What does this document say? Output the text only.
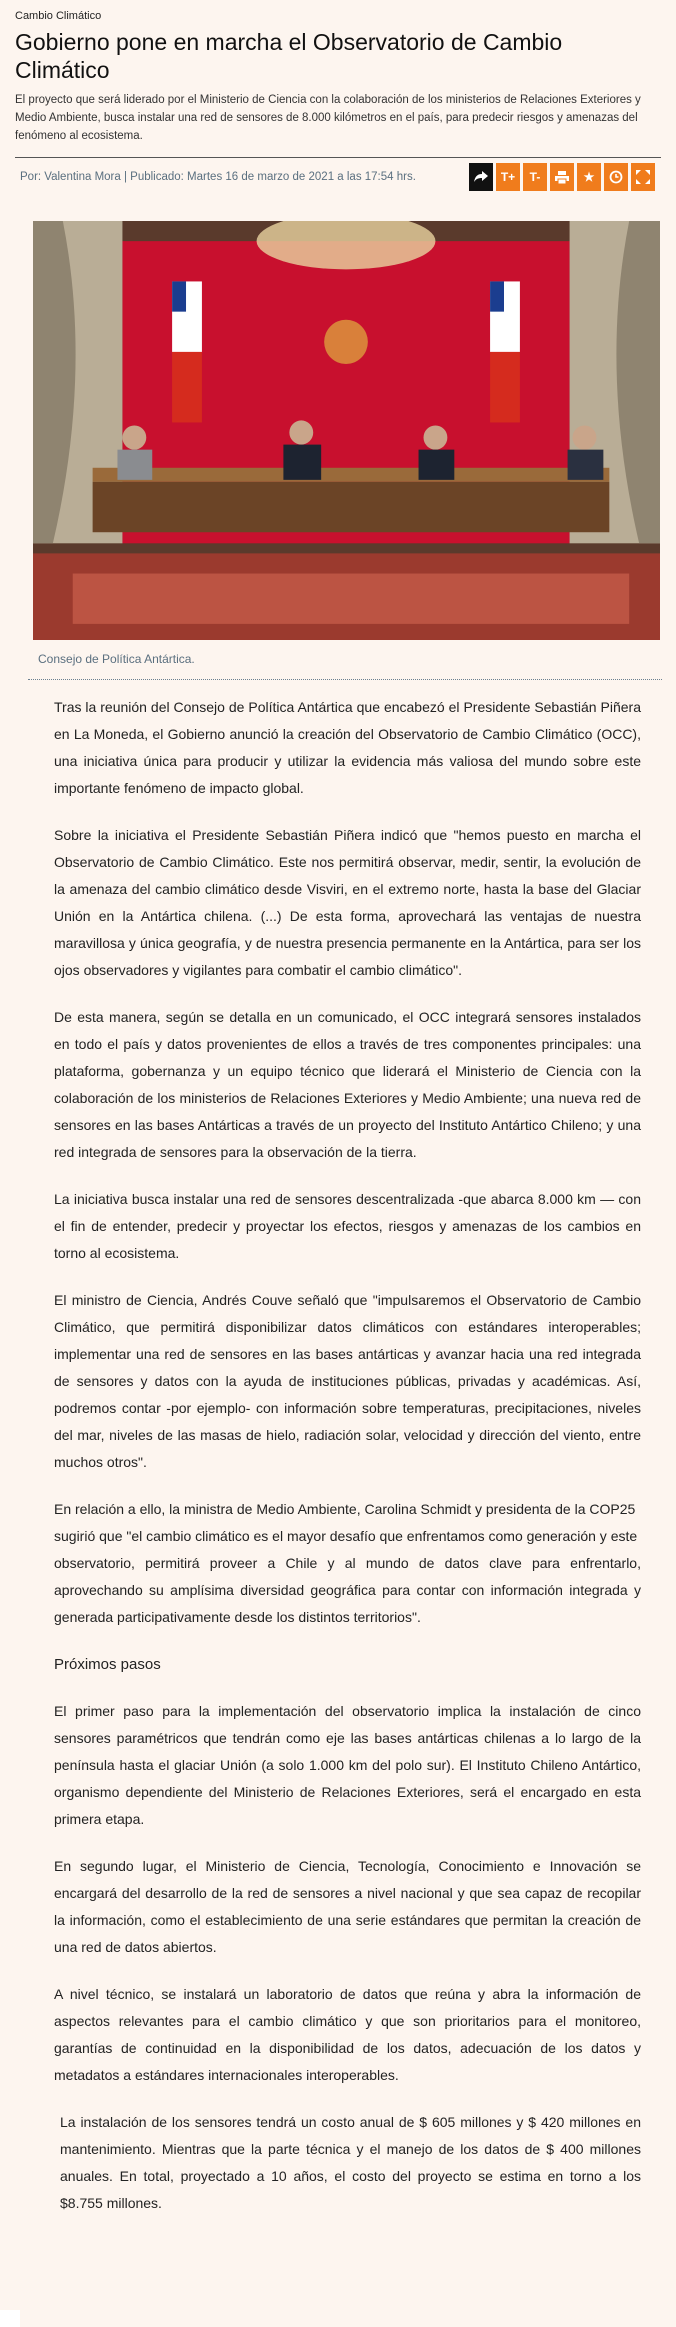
Cambio Climático
Gobierno pone en marcha el Observatorio de Cambio Climático
El proyecto que será liderado por el Ministerio de Ciencia con la colaboración de los ministerios de Relaciones Exteriores y Medio Ambiente, busca instalar una red de sensores de 8.000 kilómetros en el país, para predecir riesgos y amenazas del fenómeno al ecosistema.
Por: Valentina Mora | Publicado: Martes 16 de marzo de 2021 a las 17:54 hrs.	T+	T-	★
Consejo de Política Antártica.

Tras la reunión del Consejo de Política Antártica que encabezó el Presidente Sebastián Piñera en La Moneda, el Gobierno anunció la creación del Observatorio de Cambio Climático (OCC), una iniciativa única para producir y utilizar la evidencia más valiosa del mundo sobre este importante fenómeno de impacto global.

Sobre la iniciativa el Presidente Sebastián Piñera indicó que "hemos puesto en marcha el Observatorio de Cambio Climático. Este nos permitirá observar, medir, sentir, la evolución de la amenaza del cambio climático desde Visviri, en el extremo norte, hasta la base del Glaciar Unión en la Antártica chilena. (...) De esta forma, aprovechará las ventajas de nuestra maravillosa y única geografía, y de nuestra presencia permanente en la Antártica, para ser los ojos observadores y vigilantes para combatir el cambio climático".

De esta manera, según se detalla en un comunicado, el OCC integrará sensores instalados en todo el país y datos provenientes de ellos a través de tres componentes principales: una plataforma, gobernanza y un equipo técnico que liderará el Ministerio de Ciencia con la colaboración de los ministerios de Relaciones Exteriores y Medio Ambiente; una nueva red de sensores en las bases Antárticas a través de un proyecto del Instituto Antártico Chileno; y una red integrada de sensores para la observación de la tierra.

La iniciativa busca instalar una red de sensores descentralizada -que abarca 8.000 km — con el fin de entender, predecir y proyectar los efectos, riesgos y amenazas de los cambios en torno al ecosistema.

El ministro de Ciencia, Andrés Couve señaló que "impulsaremos el Observatorio de Cambio Climático, que permitirá disponibilizar datos climáticos con estándares interoperables; implementar una red de sensores en las bases antárticas y avanzar hacia una red integrada de sensores y datos con la ayuda de instituciones públicas, privadas y académicas. Así, podremos contar -por ejemplo- con información sobre temperaturas, precipitaciones, niveles del mar, niveles de las masas de hielo, radiación solar, velocidad y dirección del viento, entre muchos otros".

En relación a ello, la ministra de Medio Ambiente, Carolina Schmidt y presidenta de la COP25 sugirió que "el cambio climático es el mayor desafío que enfrentamos como generación y este

observatorio, permitirá proveer a Chile y al mundo de datos clave para enfrentarlo, aprovechando su amplísima diversidad geográfica para contar con información integrada y generada participativamente desde los distintos territorios".

Próximos pasos

El primer paso para la implementación del observatorio implica la instalación de cinco sensores paramétricos que tendrán como eje las bases antárticas chilenas a lo largo de la península hasta el glaciar Unión (a solo 1.000 km del polo sur). El Instituto Chileno Antártico, organismo dependiente del Ministerio de Relaciones Exteriores, será el encargado en esta primera etapa.

En segundo lugar, el Ministerio de Ciencia, Tecnología, Conocimiento e Innovación se encargará del desarrollo de la red de sensores a nivel nacional y que sea capaz de recopilar la información, como el establecimiento de una serie estándares que permitan la creación de una red de datos abiertos.

A nivel técnico, se instalará un laboratorio de datos que reúna y abra la información de aspectos relevantes para el cambio climático y que son prioritarios para el monitoreo, garantías de continuidad en la disponibilidad de los datos, adecuación de los datos y metadatos a estándares internacionales interoperables.

La instalación de los sensores tendrá un costo anual de $ 605 millones y $ 420 millones en mantenimiento. Mientras que la parte técnica y el manejo de los datos de $ 400 millones anuales. En total, proyectado a 10 años, el costo del proyecto se estima en torno a los $8.755 millones.
